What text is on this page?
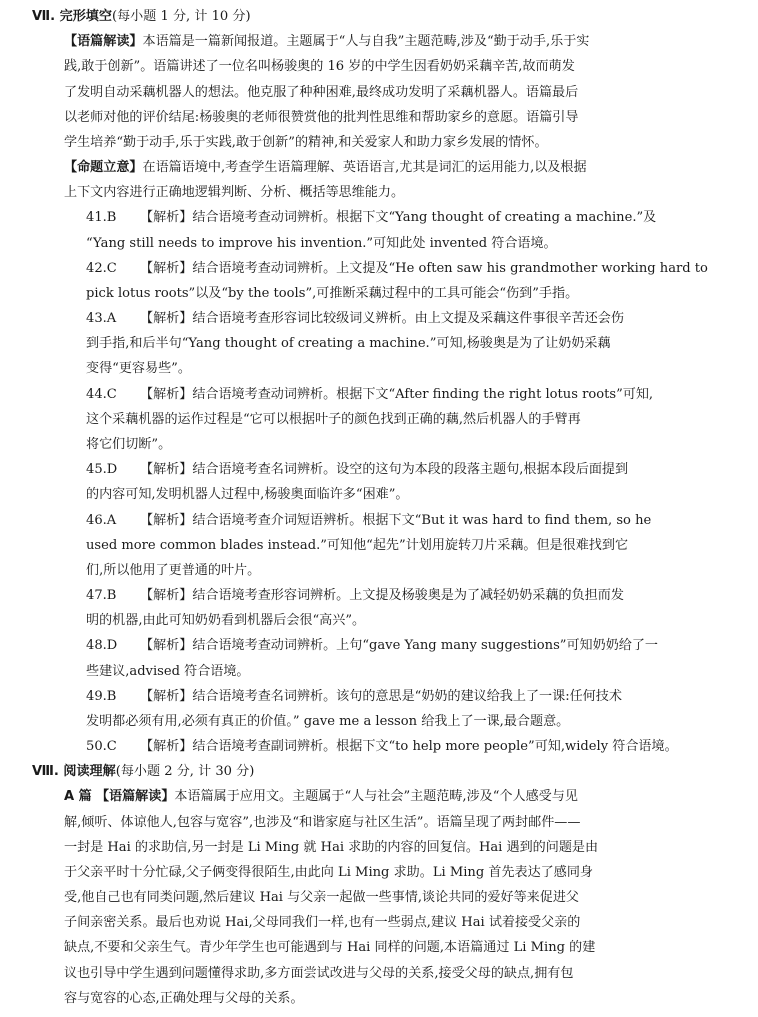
Ⅶ. 完形填空(每小题 1 分, 计 10 分)
【语篇解读】本语篇是一篇新闻报道。主题属于“人与自我”主题范畴,涉及“勤于动手,乐于实
践,敢于创新”。语篇讲述了一位名叫杨骏奥的 16 岁的中学生因看奶奶采藕辛苦,故而萌发
了发明自动采藕机器人的想法。他克服了种种困难,最终成功发明了采藕机器人。语篇最后
以老师对他的评价结尾:杨骏奥的老师很赞赏他的批判性思维和帮助家乡的意愿。语篇引导
学生培养“勤于动手,乐于实践,敢于创新”的精神,和关爱家人和助力家乡发展的情怀。
【命题立意】在语篇语境中,考查学生语篇理解、英语语言,尤其是词汇的运用能力,以及根据
上下文内容进行正确地逻辑判断、分析、概括等思维能力。
41.B 【解析】结合语境考查动词辨析。根据下文“Yang thought of creating a machine.”及
“Yang still needs to improve his invention.”可知此处 invented 符合语境。
42.C 【解析】结合语境考查动词辨析。上文提及“He often saw his grandmother working hard to
pick lotus roots”以及“by the tools”,可推断采藕过程中的工具可能会“伤到”手指。
43.A 【解析】结合语境考查形容词比较级词义辨析。由上文提及采藕这件事很辛苦还会伤
到手指,和后半句“Yang thought of creating a machine.”可知,杨骏奥是为了让奶奶采藕
变得“更容易些”。
44.C 【解析】结合语境考查动词辨析。根据下文“After finding the right lotus roots”可知,
这个采藕机器的运作过程是“它可以根据叶子的颜色找到正确的藕,然后机器人的手臂再
将它们切断”。
45.D 【解析】结合语境考查名词辨析。设空的这句为本段的段落主题句,根据本段后面提到
的内容可知,发明机器人过程中,杨骏奥面临许多“困难”。
46.A 【解析】结合语境考查介词短语辨析。根据下文“But it was hard to find them, so he
used more common blades instead.”可知他“起先”计划用旋转刀片采藕。但是很难找到它
们,所以他用了更普通的叶片。
47.B 【解析】结合语境考查形容词辨析。上文提及杨骏奥是为了减轻奶奶采藕的负担而发
明的机器,由此可知奶奶看到机器后会很“高兴”。
48.D 【解析】结合语境考查动词辨析。上句“gave Yang many suggestions”可知奶奶给了一
些建议,advised 符合语境。
49.B 【解析】结合语境考查名词辨析。该句的意思是“奶奶的建议给我上了一课:任何技术
发明都必须有用,必须有真正的价值。” gave me a lesson 给我上了一课,最合题意。
50.C 【解析】结合语境考查副词辨析。根据下文“to help more people”可知,widely 符合语境。
Ⅷ. 阅读理解(每小题 2 分, 计 30 分)
A 篇 【语篇解读】本语篇属于应用文。主题属于“人与社会”主题范畴,涉及“个人感受与见
解,倾听、体谅他人,包容与宽容”,也涉及“和谐家庭与社区生活”。语篇呈现了两封邮件——
一封是 Hai 的求助信,另一封是 Li Ming 就 Hai 求助的内容的回复信。Hai 遇到的问题是由
于父亲平时十分忙碌,父子俩变得很陌生,由此向 Li Ming 求助。Li Ming 首先表达了感同身
受,他自己也有同类问题,然后建议 Hai 与父亲一起做一些事情,谈论共同的爱好等来促进父
子间亲密关系。最后也劝说 Hai,父母同我们一样,也有一些弱点,建议 Hai 试着接受父亲的
缺点,不要和父亲生气。青少年学生也可能遇到与 Hai 同样的问题,本语篇通过 Li Ming 的建
议也引导中学生遇到问题懂得求助,多方面尝试改进与父母的关系,接受父母的缺点,拥有包
容与宽容的心态,正确处理与父母的关系。
